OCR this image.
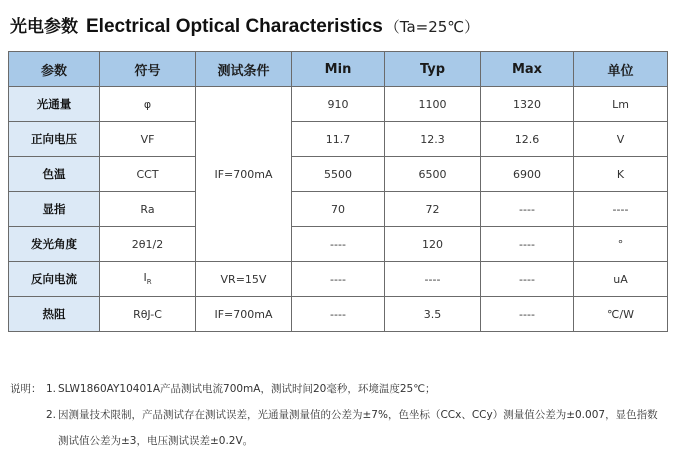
光电参数 Electrical Optical Characteristics （Ta=25℃）
参数	符号	测试条件	Min	Typ	Max	单位
光通量	φ	IF=700mA	910	1100	1320	Lm
正向电压	VF		11.7	12.3	12.6	V
色温	CCT		5500	6500	6900	K
显指	Ra		70	72	----	----
发光角度	2θ1/2		----	120	----	°
反向电流	$I_R$	VR=15V	----	----	----	uA
热阻	RθJ-C	IF=700mA	----	3.5	----	℃/W
说明： 1. SLW1860AY10401A产品测试电流700mA，测试时间20毫秒，环境温度25℃；
2. 因测量技术限制，产品测试存在测试误差，光通量测量值的公差为±7%，色坐标（CCx、CCy）测量值公差为±0.007，显色指数
测试值公差为±3，电压测试误差±0.2V。
